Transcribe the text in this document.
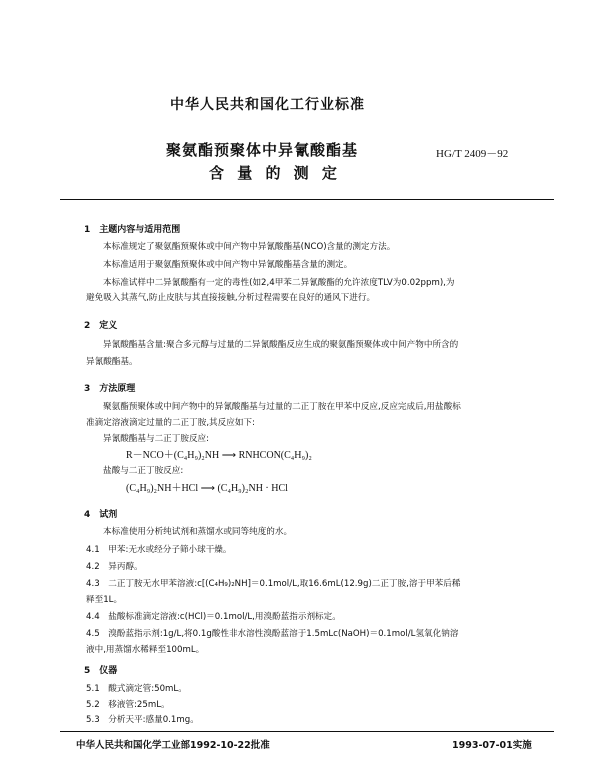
中华人民共和国化工行业标准
聚氨酯预聚体中异氰酸酯基
含 量 的 测 定
HG/T 2409－92
1　主题内容与适用范围
本标准规定了聚氨酯预聚体或中间产物中异氰酸酯基(NCO)含量的测定方法。
本标准适用于聚氨酯预聚体或中间产物中异氰酸酯基含量的测定。
本标准试样中二异氰酸酯有一定的毒性(如2,4甲苯二异氰酸酯的允许浓度TLV为0.02ppm),为
避免吸入其蒸气,防止皮肤与其直接接触,分析过程需要在良好的通风下进行。
2　定义
异氰酸酯基含量:聚合多元醇与过量的二异氰酸酯反应生成的聚氨酯预聚体或中间产物中所含的
异氰酸酯基。
3　方法原理
聚氨酯预聚体或中间产物中的异氰酸酯基与过量的二正丁胺在甲苯中反应,反应完成后,用盐酸标
准滴定溶液滴定过量的二正丁胺,其反应如下:
异氰酸酯基与二正丁胺反应:
R－NCO＋(C₄H₉)₂NH ⟶ RNHCON(C₄H₉)₂
盐酸与二正丁胺反应:
(C₄H₉)₂NH＋HCl ⟶ (C₄H₉)₂NH · HCl
4　试剂
本标准使用分析纯试剂和蒸馏水或同等纯度的水。
4.1　甲苯:无水或经分子筛小球干燥。
4.2　异丙醇。
4.3　二正丁胺无水甲苯溶液:c[(C₄H₉)₂NH]＝0.1mol/L,取16.6mL(12.9g)二正丁胺,溶于甲苯后稀
释至1L。
4.4　盐酸标准滴定溶液:c(HCl)＝0.1mol/L,用溴酚蓝指示剂标定。
4.5　溴酚蓝指示剂:1g/L,将0.1g酸性非水溶性溴酚蓝溶于1.5mLc(NaOH)＝0.1mol/L氢氧化钠溶
液中,用蒸馏水稀释至100mL。
5　仪器
5.1　酸式滴定管:50mL。
5.2　移液管:25mL。
5.3　分析天平:感量0.1mg。
中华人民共和国化学工业部1992-10-22批准	1993-07-01实施
